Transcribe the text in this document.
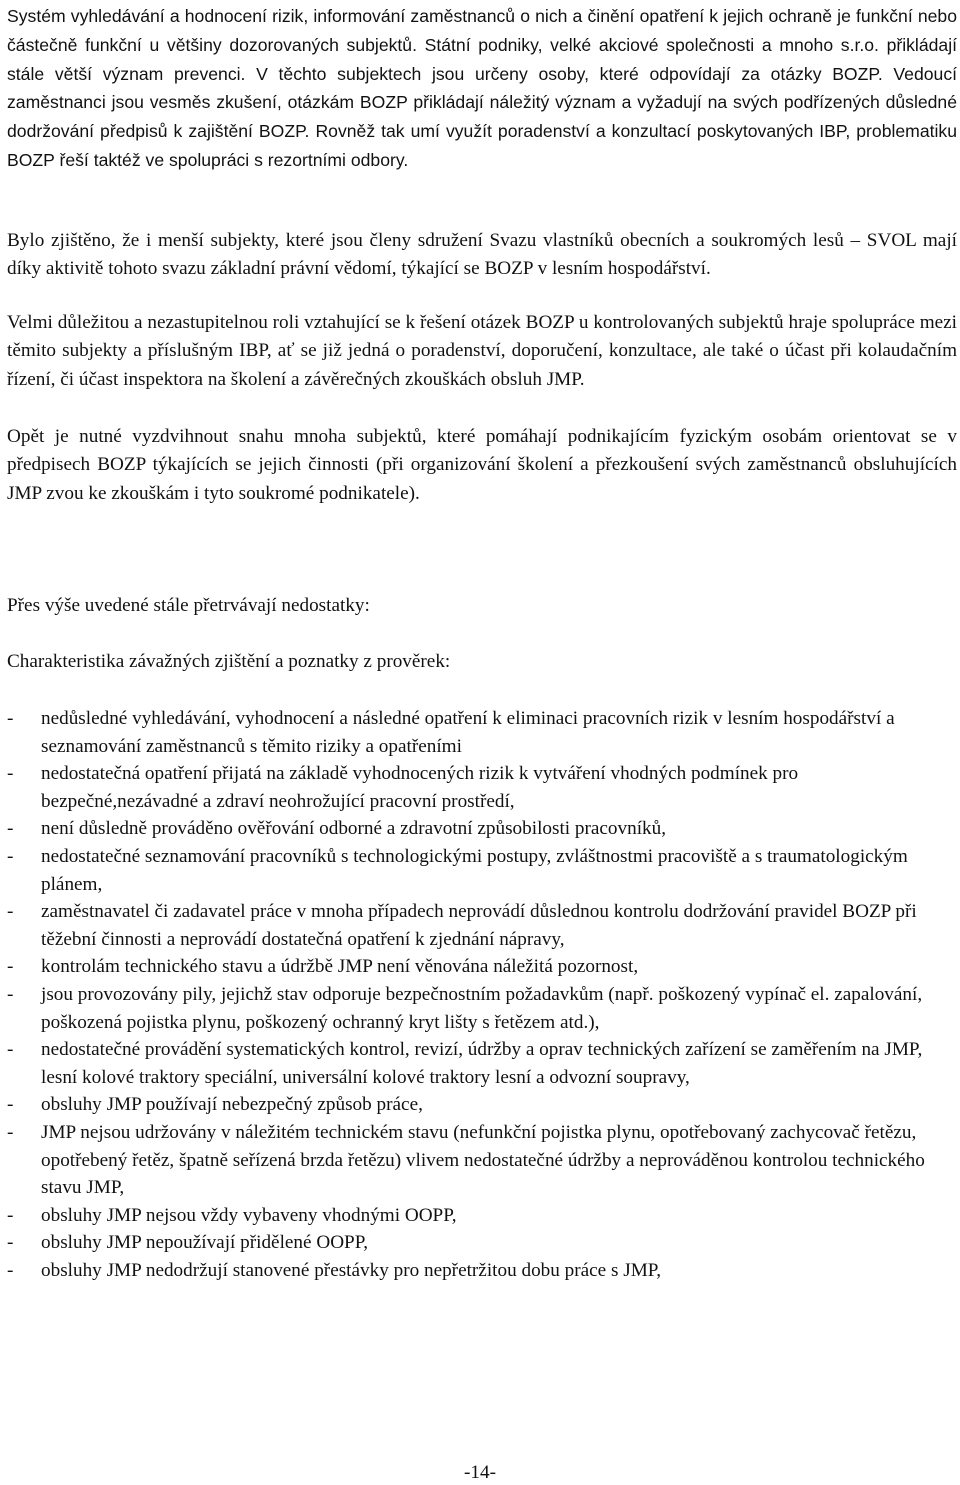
Systém vyhledávání a hodnocení rizik, informování zaměstnanců o nich a činění opatření k jejich ochraně je funkční nebo částečně funkční u většiny dozorovaných subjektů. Státní podniky, velké akciové společnosti a mnoho s.r.o. přikládají stále větší význam prevenci. V těchto subjektech jsou určeny osoby, které odpovídají za otázky BOZP. Vedoucí zaměstnanci jsou vesměs zkušení, otázkám BOZP přikládají náležitý význam a vyžadují na svých podřízených důsledné dodržování předpisů k zajištění BOZP. Rovněž tak umí využít poradenství a konzultací poskytovaných IBP, problematiku BOZP řeší taktéž ve spolupráci s rezortními odbory.

Bylo zjištěno, že i menší subjekty, které jsou členy sdružení Svazu vlastníků obecních a soukromých lesů – SVOL mají díky aktivitě tohoto svazu základní právní vědomí, týkající se BOZP v lesním hospodářství.

Velmi důležitou a nezastupitelnou roli vztahující se k řešení otázek BOZP u kontrolovaných subjektů hraje spolupráce mezi těmito subjekty a příslušným IBP, ať se již jedná o poradenství, doporučení, konzultace, ale také o účast při kolaudačním řízení, či účast inspektora na školení a závěrečných zkouškách obsluh JMP.

Opět je nutné vyzdvihnout snahu mnoha subjektů, které pomáhají podnikajícím fyzickým osobám orientovat se v předpisech BOZP týkajících se jejich činnosti (při organizování školení a přezkoušení svých zaměstnanců obsluhujících JMP zvou ke zkouškám i tyto soukromé podnikatele).

Přes výše uvedené stále přetrvávají nedostatky:

Charakteristika závažných zjištění a poznatky z prověrek:

- nedůsledné vyhledávání, vyhodnocení a následné opatření k eliminaci pracovních rizik v lesním hospodářství a seznamování zaměstnanců s těmito riziky a opatřeními
- nedostatečná opatření přijatá na základě vyhodnocených rizik k vytváření vhodných podmínek pro bezpečné,nezávadné a zdraví neohrožující pracovní prostředí,
- není důsledně prováděno ověřování odborné a zdravotní způsobilosti pracovníků,
- nedostatečné seznamování pracovníků s technologickými postupy, zvláštnostmi pracoviště a s traumatologickým plánem,
- zaměstnavatel či zadavatel práce v mnoha případech neprovádí důslednou kontrolu dodržování pravidel BOZP při těžební činnosti a neprovádí dostatečná opatření k zjednání nápravy,
- kontrolám technického stavu a údržbě JMP není věnována náležitá pozornost,
- jsou provozovány pily, jejichž stav odporuje bezpečnostním požadavkům (např. poškozený vypínač el. zapalování, poškozená pojistka plynu, poškozený ochranný kryt lišty s řetězem atd.),
- nedostatečné provádění systematických kontrol, revizí, údržby a oprav technických zařízení se zaměřením na JMP, lesní kolové traktory speciální, universální kolové traktory lesní a odvozní soupravy,
- obsluhy JMP používají nebezpečný způsob práce,
- JMP nejsou udržovány v náležitém technickém stavu (nefunkční pojistka plynu, opotřebovaný zachycovač řetězu, opotřebený řetěz, špatně seřízená brzda řetězu) vlivem nedostatečné údržby a neprováděnou kontrolou technického stavu JMP,
- obsluhy JMP nejsou vždy vybaveny vhodnými OOPP,
- obsluhy JMP nepoužívají přidělené OOPP,
- obsluhy JMP nedodržují stanovené přestávky pro nepřetržitou dobu práce s JMP,
-14-
